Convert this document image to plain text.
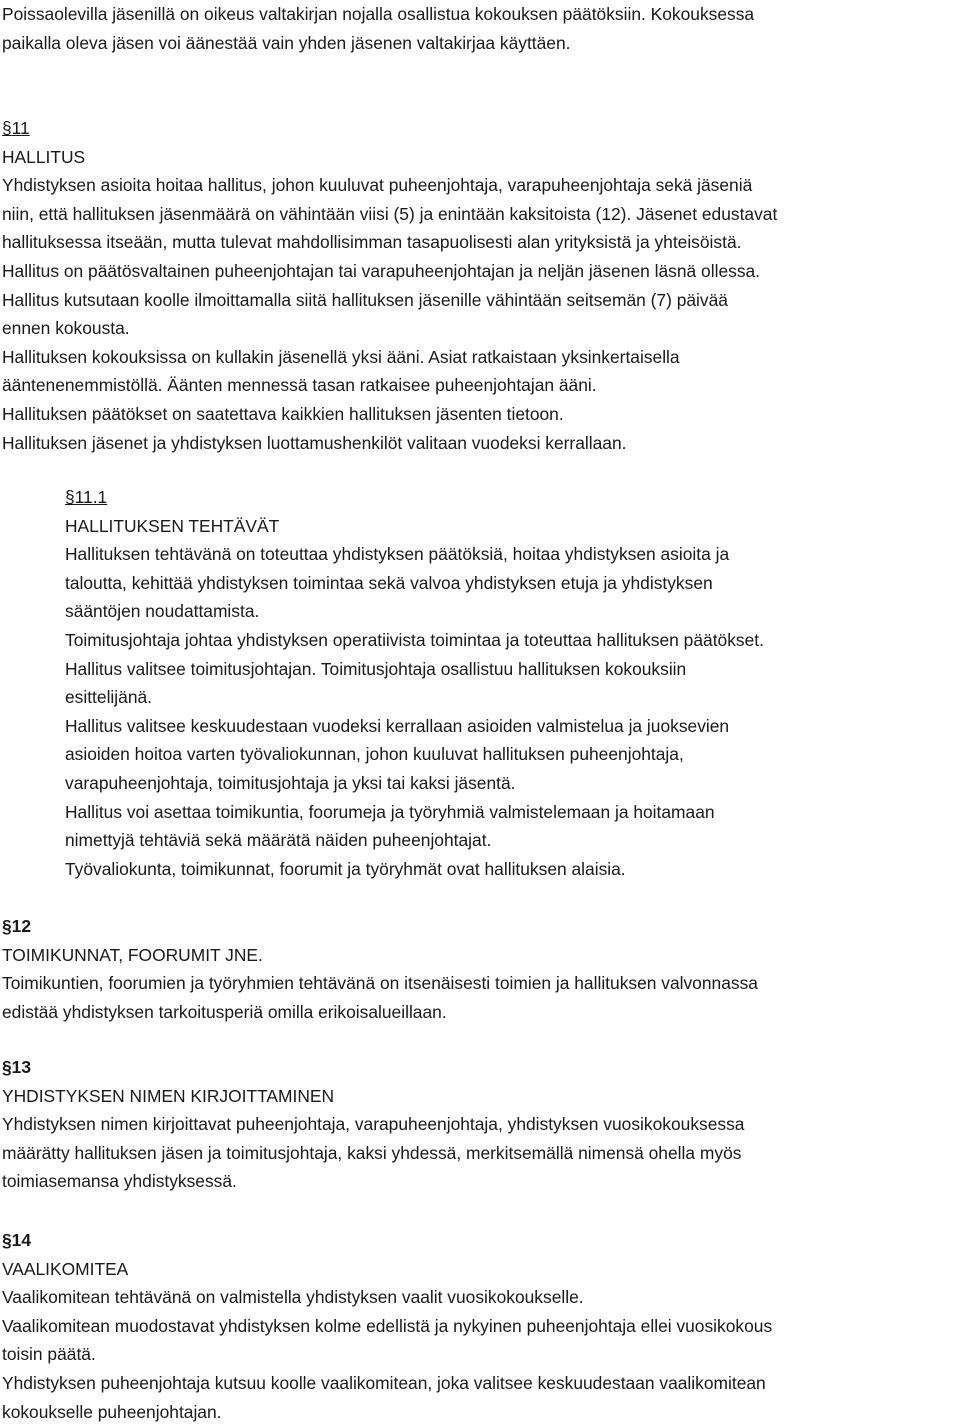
Poissaolevilla jäsenillä on oikeus valtakirjan nojalla osallistua kokouksen päätöksiin. Kokouksessa
paikalla oleva jäsen voi äänestää vain yhden jäsenen valtakirjaa käyttäen.
§11
HALLITUS
Yhdistyksen asioita hoitaa hallitus, johon kuuluvat puheenjohtaja, varapuheenjohtaja sekä jäseniä
niin, että hallituksen jäsenmäärä on vähintään viisi (5) ja enintään kaksitoista (12). Jäsenet edustavat
hallituksessa itseään, mutta tulevat mahdollisimman tasapuolisesti alan yrityksistä ja yhteisöistä.
Hallitus on päätösvaltainen puheenjohtajan tai varapuheenjohtajan ja neljän jäsenen läsnä ollessa.
Hallitus kutsutaan koolle ilmoittamalla siitä hallituksen jäsenille vähintään seitsemän (7) päivää
ennen kokousta.
Hallituksen kokouksissa on kullakin jäsenellä yksi ääni. Asiat ratkaistaan yksinkertaisella
ääntenenemmistöllä. Äänten mennessä tasan ratkaisee puheenjohtajan ääni.
Hallituksen päätökset on saatettava kaikkien hallituksen jäsenten tietoon.
Hallituksen jäsenet ja yhdistyksen luottamushenkilöt valitaan vuodeksi kerrallaan.
§11.1
HALLITUKSEN TEHTÄVÄT
Hallituksen tehtävänä on toteuttaa yhdistyksen päätöksiä, hoitaa yhdistyksen asioita ja
taloutta, kehittää yhdistyksen toimintaa sekä valvoa yhdistyksen etuja ja yhdistyksen
sääntöjen noudattamista.
Toimitusjohtaja johtaa yhdistyksen operatiivista toimintaa ja toteuttaa hallituksen päätökset.
Hallitus valitsee toimitusjohtajan. Toimitusjohtaja osallistuu hallituksen kokouksiin
esittelijänä.
Hallitus valitsee keskuudestaan vuodeksi kerrallaan asioiden valmistelua ja juoksevien
asioiden hoitoa varten työvaliokunnan, johon kuuluvat hallituksen puheenjohtaja,
varapuheenjohtaja, toimitusjohtaja ja yksi tai kaksi jäsentä.
Hallitus voi asettaa toimikuntia, foorumeja ja työryhmiä valmistelemaan ja hoitamaan
nimettyjä tehtäviä sekä määrätä näiden puheenjohtajat.
Työvaliokunta, toimikunnat, foorumit ja työryhmät ovat hallituksen alaisia.
§12
TOIMIKUNNAT, FOORUMIT JNE.
Toimikuntien, foorumien ja työryhmien tehtävänä on itsenäisesti toimien ja hallituksen valvonnassa
edistää yhdistyksen tarkoitusperiä omilla erikoisalueillaan.
§13
YHDISTYKSEN NIMEN KIRJOITTAMINEN
Yhdistyksen nimen kirjoittavat puheenjohtaja, varapuheenjohtaja, yhdistyksen vuosikokouksessa
määrätty hallituksen jäsen ja toimitusjohtaja, kaksi yhdessä, merkitsemällä nimensä ohella myös
toimiasemansa yhdistyksessä.
§14
VAALIKOMITEA
Vaalikomitean tehtävänä on valmistella yhdistyksen vaalit vuosikokoukselle.
Vaalikomitean muodostavat yhdistyksen kolme edellistä ja nykyinen puheenjohtaja ellei vuosikokous
toisin päätä.
Yhdistyksen puheenjohtaja kutsuu koolle vaalikomitean, joka valitsee keskuudestaan vaalikomitean
kokoukselle puheenjohtajan.
